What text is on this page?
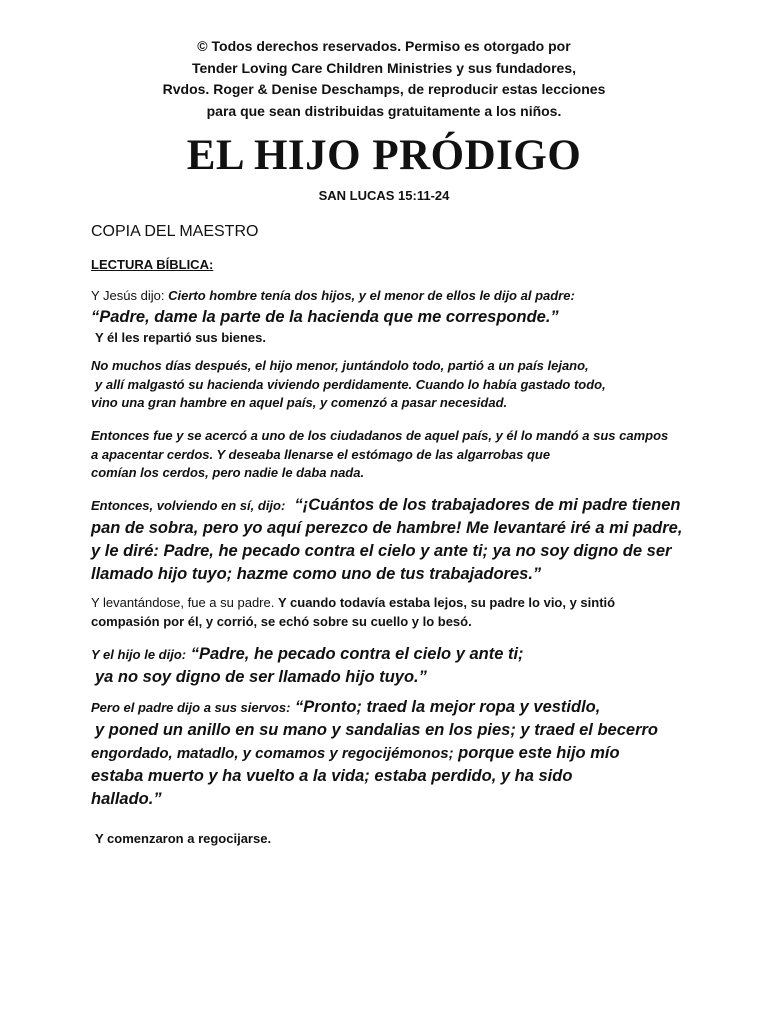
© Todos derechos reservados. Permiso es otorgado por
Tender Loving Care Children Ministries y sus fundadores,
Rvdos. Roger & Denise Deschamps, de reproducir estas lecciones
para que sean distribuidas gratuitamente a los niños.
EL HIJO PRÓDIGO
SAN LUCAS 15:11-24
COPIA DEL MAESTRO
LECTURA BÍBLICA:
Y Jesús dijo: Cierto hombre tenía dos hijos, y el menor de ellos le dijo al padre:
“Padre, dame la parte de la hacienda que me corresponde.”
Y él les repartió sus bienes.
No muchos días después, el hijo menor, juntándolo todo, partió a un país lejano,
y allí malgastó su hacienda viviendo perdidamente. Cuando lo había gastado todo,
vino una gran hambre en aquel país, y comenzó a pasar necesidad.
Entonces fue y se acercó a uno de los ciudadanos de aquel país, y él lo mandó a sus campos
a apacentar cerdos. Y deseaba llenarse el estómago de las algarrobas que
comían los cerdos, pero nadie le daba nada.
Entonces, volviendo en sí, dijo: “¡Cuántos de los trabajadores de mi padre tienen
pan de sobra, pero yo aquí perezco de hambre! Me levantaré iré a mi padre,
y le diré: Padre, he pecado contra el cielo y ante ti; ya no soy digno de ser
llamado hijo tuyo; hazme como uno de tus trabajadores.”
Y levantándose, fue a su padre. Y cuando todavía estaba lejos, su padre lo vio, y sintió
compasión por él, y corrió, se echó sobre su cuello y lo besó.
Y el hijo le dijo: “Padre, he pecado contra el cielo y ante ti;
ya no soy digno de ser llamado hijo tuyo.”
Pero el padre dijo a sus siervos: “Pronto; traed la mejor ropa y vestidlo,
y poned un anillo en su mano y sandalias en los pies; y traed el becerro
engordado, matadlo, y comamos y regocijémonos; porque este hijo mío
estaba muerto y ha vuelto a la vida; estaba perdido, y ha sido
hallado.”
Y comenzaron a regocijarse.
